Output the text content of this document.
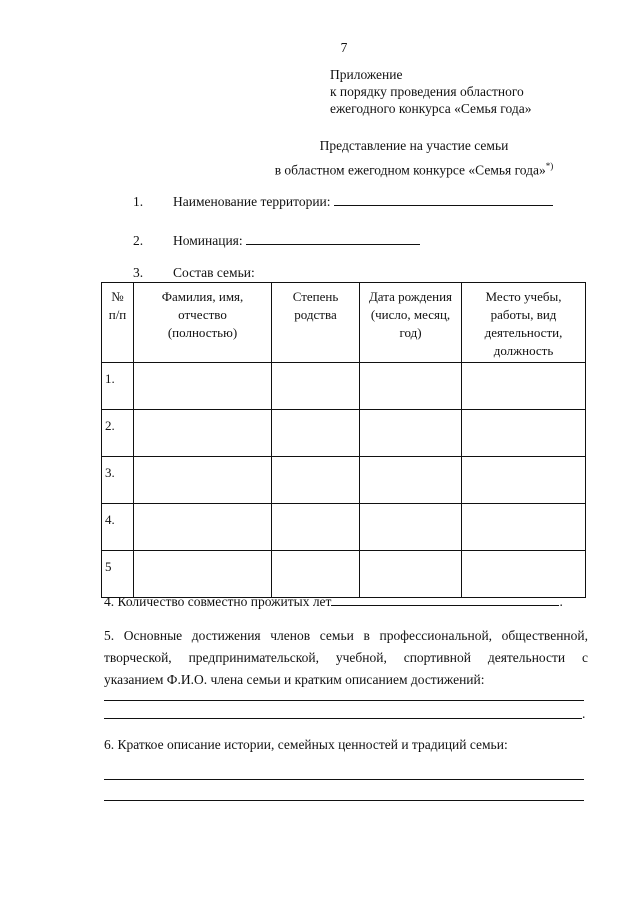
7
Приложение
к порядку проведения областного
ежегодного конкурса «Семья года»
Представление на участие семьи
в областном ежегодном конкурсе «Семья года»*)
1. Наименование территории:
2. Номинация:
3. Состав семьи:
№ п/п	Фамилия, имя, отчество (полностью)	Степень родства	Дата рождения (число, месяц, год)	Место учебы, работы, вид деятельности, должность

1.				
2.				
3.				
4.				
5				
4. Количество совместно прожитых лет	.
5. Основные достижения членов семьи в профессиональной, общественной,
творческой, предпринимательской, учебной, спортивной деятельности с
указанием Ф.И.О. члена семьи и кратким описанием достижений:
.
6. Краткое описание истории, семейных ценностей и традиций семьи:
